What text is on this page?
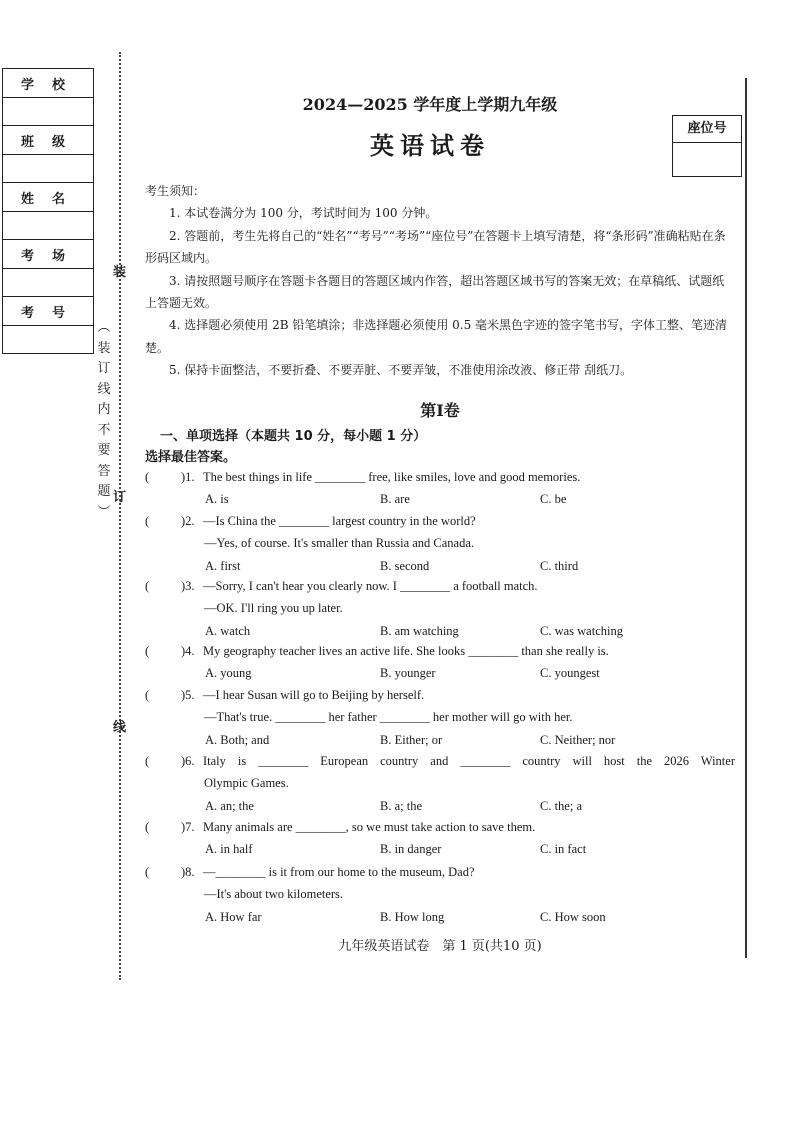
学校

班级

姓名

考场

考号

装
订
线
︵
装
订
线
内
不
要
答
题
︶
2024—2025 学年度上学期九年级
英语试卷
座位号

考生须知：

1. 本试卷满分为 100 分，考试时间为 100 分钟。

2. 答题前，考生先将自己的“姓名”“考号”“考场”“座位号”在答题卡上填写清楚，将“条形码”准确粘贴在条形码区域内。

3. 请按照题号顺序在答题卡各题目的答题区域内作答，超出答题区域书写的答案无效；在草稿纸、试题纸上答题无效。

4. 选择题必须使用 2B 铅笔填涂；非选择题必须使用 0.5 毫米黑色字迹的签字笔书写，字体工整、笔迹清楚。

5. 保持卡面整洁，不要折叠、不要弄脏、不要弄皱，不准使用涂改液、修正带 刮纸刀。

第Ⅰ卷
一、单项选择（本题共 10 分，每小题 1 分）
选择最佳答案。
(	)1. The best things in life ________ free, like smiles, love and good memories.
A. is	B. are	C. be
(	)2. —Is China the ________ largest country in the world?
—Yes, of course. It's smaller than Russia and Canada.
A. first	B. second	C. third
(	)3. —Sorry, I can't hear you clearly now. I ________ a football match.
—OK. I'll ring you up later.
A. watch	B. am watching	C. was watching
(	)4. My geography teacher lives an active life. She looks ________ than she really is.
A. young	B. younger	C. youngest
(	)5. —I hear Susan will go to Beijing by herself.
—That's true. ________ her father ________ her mother will go with her.
A. Both; and	B. Either; or	C. Neither; nor
(	)6. Italy is ________ European country and ________ country will host the 2026 Winter
Olympic Games.
A. an; the	B. a; the	C. the; a
(	)7. Many animals are ________, so we must take action to save them.
A. in half	B. in danger	C. in fact
(	)8. —________ is it from our home to the museum, Dad?
—It's about two kilometers.
A. How far	B. How long	C. How soon
九年级英语试卷　第 1 页(共10 页)
